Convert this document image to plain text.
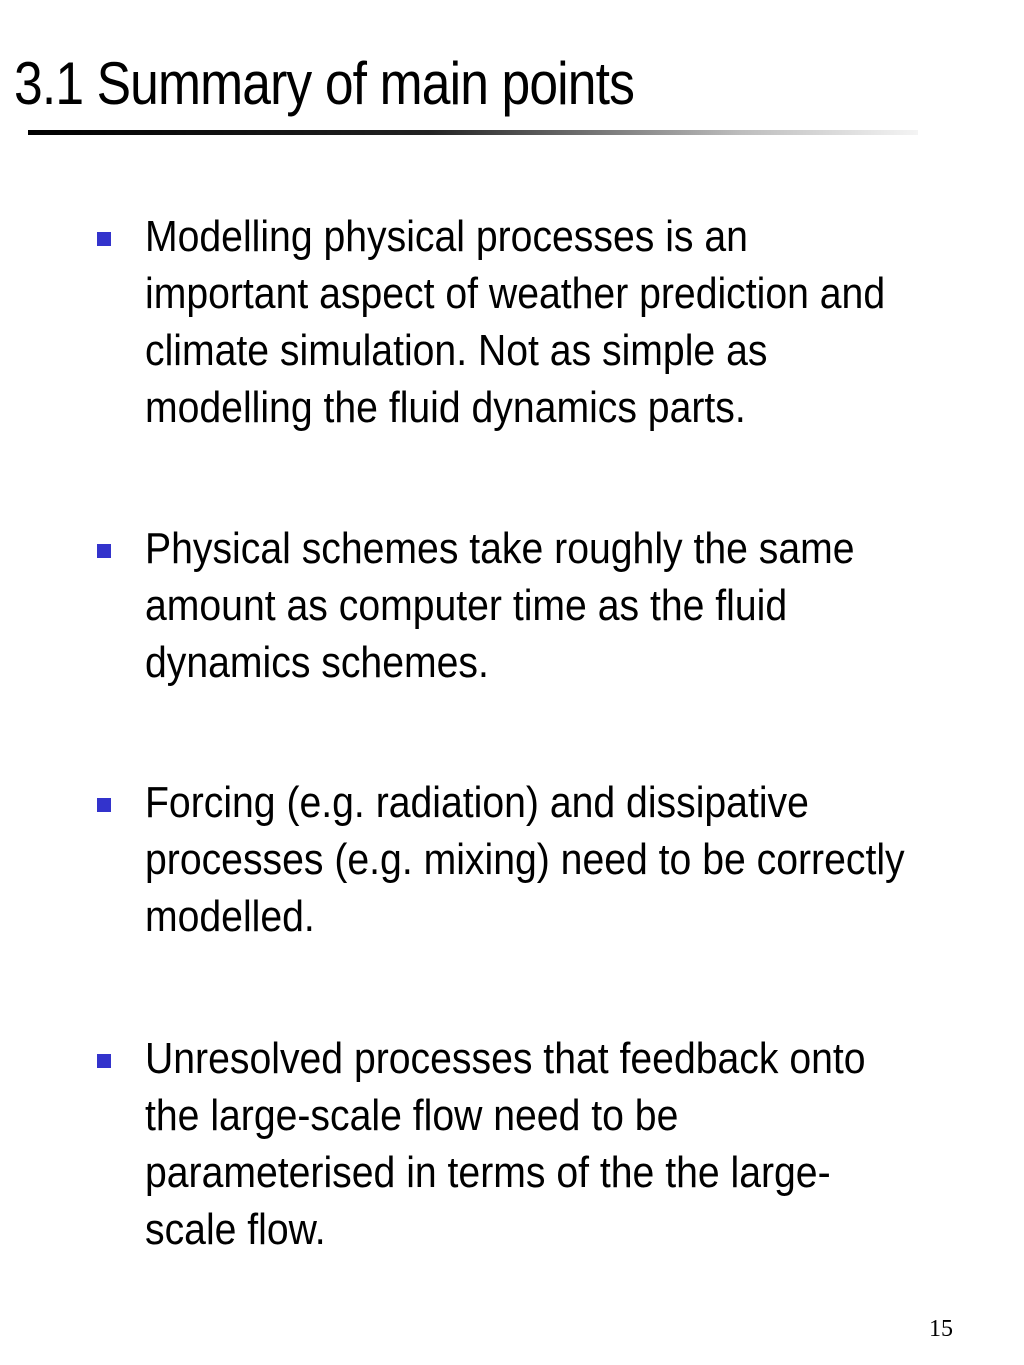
3.1 Summary of main points
Modelling physical processes is an important aspect of weather prediction and climate simulation. Not as simple as modelling the fluid dynamics parts.
Physical schemes take roughly the same amount as computer time as the fluid dynamics schemes.
Forcing (e.g. radiation) and dissipative processes (e.g. mixing) need to be correctly modelled.
Unresolved processes that feedback onto the large-scale flow need to be parameterised in terms of the the large-scale flow.
15
